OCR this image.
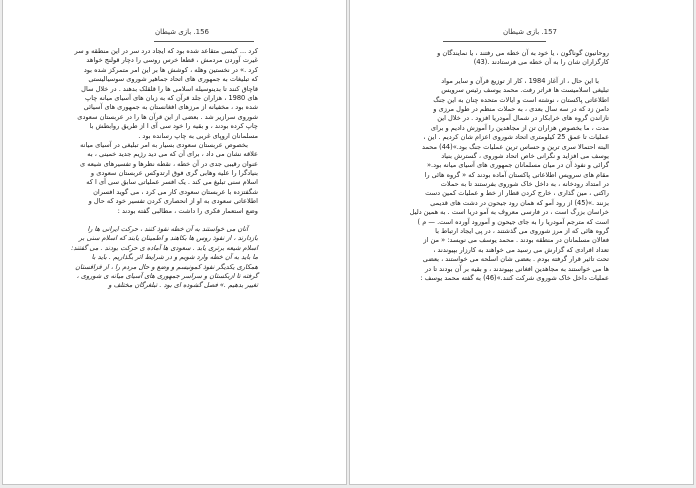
156. بازی شیطان
کرد ... کیسی متقاعد شده بود که ایجاد درد سر در این منطقه و سر
غیرت آوردن مردمش ، قطعا خرس روسی را دچار قولنج خواهد
کرد .» در نخستین وهله ، کوشش ها بر این امر متمرکز شده بود
که تبلیغات به جمهوری های اتحاد جماهیر شوروی سوسیالیستی
قاچاق کنند تا بدینوسیله اسلامی ها را قلقلک بدهند . در خلال سال
های 1980 ، هزاران جلد قرآن که به زبان های آسیای میانه چاپ
شده بود ، مخفیانه از مرزهای افغانستان به جمهوری های آسیائی
شوروی سرازیر شد . بعضی از این قرآن ها را در عربستان سعودی
چاپ کرده بودند ، و بقیه را خود سی آی ا از طریق روابطش با
مسلمانان اروپای غربی به چاپ رسانده بود .
بخصوص عربستان سعودی بسیار به امر تبلیغی در آسیای میانه
علاقه نشان می داد ، برای آن که می دید رژیم جدید خمینی ، به
عنوان رقیبی جدی در آن خطه ، نقطه نظرها و تفسیرهای شیعه ی
بنیادگرا را علیه وهابی گری فوق ارتدوکس عربستان سعودی و
اسلام سنی تبلیغ می کند . یک افسر عملیاتی سابق سی آی ا که
شگفتزده با عربستان سعودی کار می کرد ، می گوید افسران
اطلاعاتی سعودی به او از انحصاری کردن تفسیر خود که حال و
وضع استعمار فکری را داشت ، مطالبی گفته بودند :
آنان می خواستند به آن خطه نفوذ کنند ، حرکت ایرانی ها را
بازدارند ، از نفوذ روس ها بکاهند و اطمینان یابند که اسلام سنی بر
اسلام شیعه برتری یابد . سعودی ها آماده ی حرکت بودند . می گفتند:
ما باید به آن خطه وارد شویم و در شرایط اثر بگذاریم . باید با
همکاری یکدیگر نفوذ کمونیسم و وضع و حال مردم را ، از قزاقستان
گرفته تا ازبکستان و سراسر جمهوری های آسیای میانه ی شوروی ،
تغییر بدهیم .» فصل گشوده ای بود . تبلغرگان مختلف و
157. بازی شیطان
روحانیون گوناگون ، یا خود به آن خطه می رفتند ، یا نمایندگان و
کارگزاران شان را به آن خطه می فرستادند .(43)
با این حال ، از آغاز 1984 ، کار از توزیع قرآن و سایر مواد
تبلیغی اسلامیست ها فراتر رفت. محمد یوسف رئیس سرویس
اطلاعاتی پاکستان ، نوشته است و ایالات متحده چنان به این جنگ
دامن زد که در سه سال بعدی ، به حملات منظم در طول مرزی و
تازاندن گروه های خرابکار در شمال آمودریا افزود . در خلال این
مدت ، ما بخصوص هزاران تن از مجاهدین را آموزش دادیم و برای
عملیات تا عمق 25 کیلومتری اتحاد شوروی اعزام شان کردیم . این ،
البته احتمالا سری ترین و حساس ترین عملیات جنگ بود.»(44) محمد
یوسف می افزاید و نگرانی خاص اتحاد شوروی ، گسترش بنیاد
گرائی و نفوذ آن در میان مسلمانان جمهوری های آسیای میانه بود.«
مقام های سرویس اطلاعاتی پاکستان آماده بودند که « گروه هائی را
در امتداد رودخانه ، به داخل خاک شوروی بفرستند تا به حملات
راکتی ، مین گذاری ، خارج کردن قطار از خط و عملیات کمین دست
بزنند .»(45) از رود آمو که همان رود جیحون در دشت های قدیمی
خراسان بزرگ است ، در فارسی معروف به آمو دریا است . به همین دلیل
است که مترجم آمودریا را به جای جیحون و آمورود آورده است. — م )
گروه هائی که از مرز شوروی می گذشتند ، در پی ایجاد ارتباط با
فعالان مسلمانان در منطقه بودند . محمد یوسف می نویسد: « من از
تعداد افرادی که گزارش می رسید می خواهند به کارزار بپیوندند ،
تحت تاثیر قرار گرفته بودم . بعضی شان اسلحه می خواستند ، بعضی
ها می خواستند به مجاهدین افغانی بپیوندند ، و بقیه بر آن بودند تا در
عملیات داخل خاک شوروی شرکت کنند.»(46) به گفته محمد یوسف :
